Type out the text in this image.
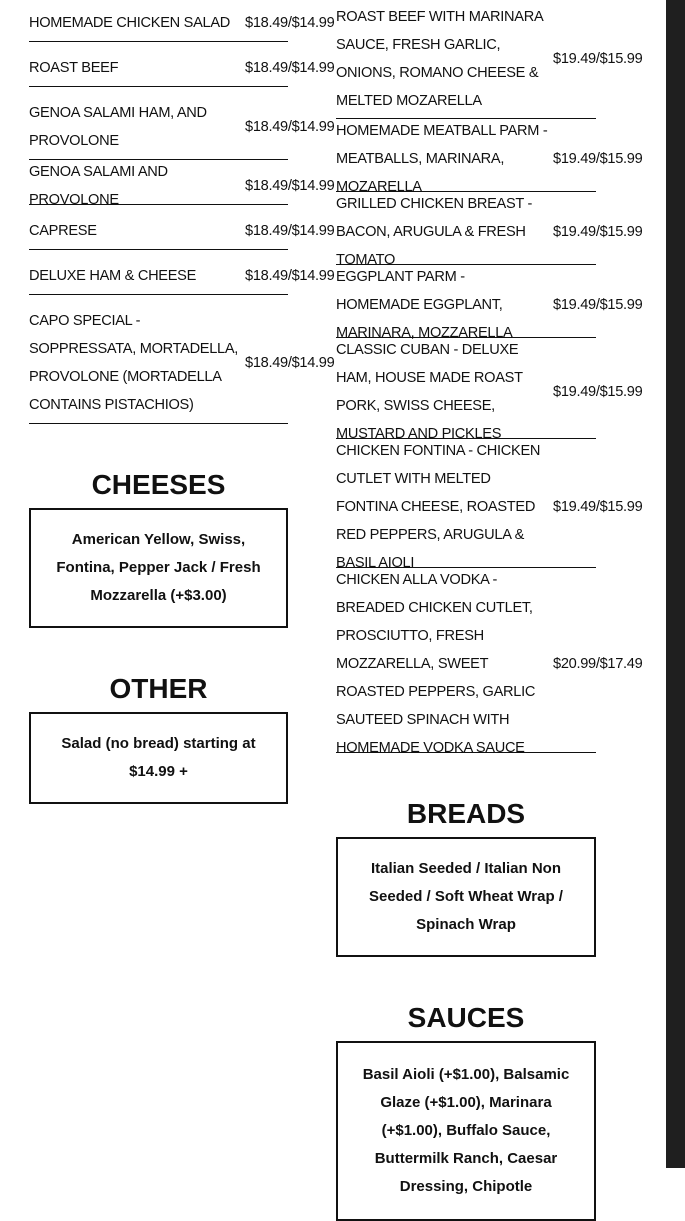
HOMEMADE CHICKEN SALAD	$18.49/$14.99
ROAST BEEF	$18.49/$14.99
GENOA SALAMI HAM, AND PROVOLONE
$18.49/$14.99
GENOA SALAMI AND PROVOLONE
$18.49/$14.99
CAPRESE	$18.49/$14.99
DELUXE HAM & CHEESE	$18.49/$14.99
CAPO SPECIAL - SOPPRESSATA, MORTADELLA, PROVOLONE (MORTADELLA CONTAINS PISTACHIOS)
$18.49/$14.99
CHEESES
American Yellow, Swiss, Fontina, Pepper Jack / Fresh Mozzarella (+$3.00)
OTHER
Salad (no bread) starting at $14.99 +
ROAST BEEF WITH MARINARA SAUCE, FRESH GARLIC, ONIONS, ROMANO CHEESE & MELTED MOZARELLA
$19.49/$15.99
HOMEMADE MEATBALL PARM - MEATBALLS, MARINARA, MOZARELLA
$19.49/$15.99
GRILLED CHICKEN BREAST - BACON, ARUGULA & FRESH TOMATO
$19.49/$15.99
EGGPLANT PARM - HOMEMADE EGGPLANT, MARINARA, MOZZARELLA
$19.49/$15.99
CLASSIC CUBAN - DELUXE HAM, HOUSE MADE ROAST PORK, SWISS CHEESE, MUSTARD AND PICKLES
$19.49/$15.99
CHICKEN FONTINA - CHICKEN CUTLET WITH MELTED FONTINA CHEESE, ROASTED RED PEPPERS, ARUGULA & BASIL AIOLI
$19.49/$15.99
CHICKEN ALLA VODKA - BREADED CHICKEN CUTLET, PROSCIUTTO, FRESH MOZZARELLA, SWEET ROASTED PEPPERS, GARLIC SAUTEED SPINACH WITH HOMEMADE VODKA SAUCE
$20.99/$17.49
BREADS
Italian Seeded / Italian Non Seeded / Soft Wheat Wrap / Spinach Wrap
SAUCES
Basil Aioli (+$1.00), Balsamic Glaze (+$1.00), Marinara (+$1.00), Buffalo Sauce, Buttermilk Ranch, Caesar Dressing, Chipotle
